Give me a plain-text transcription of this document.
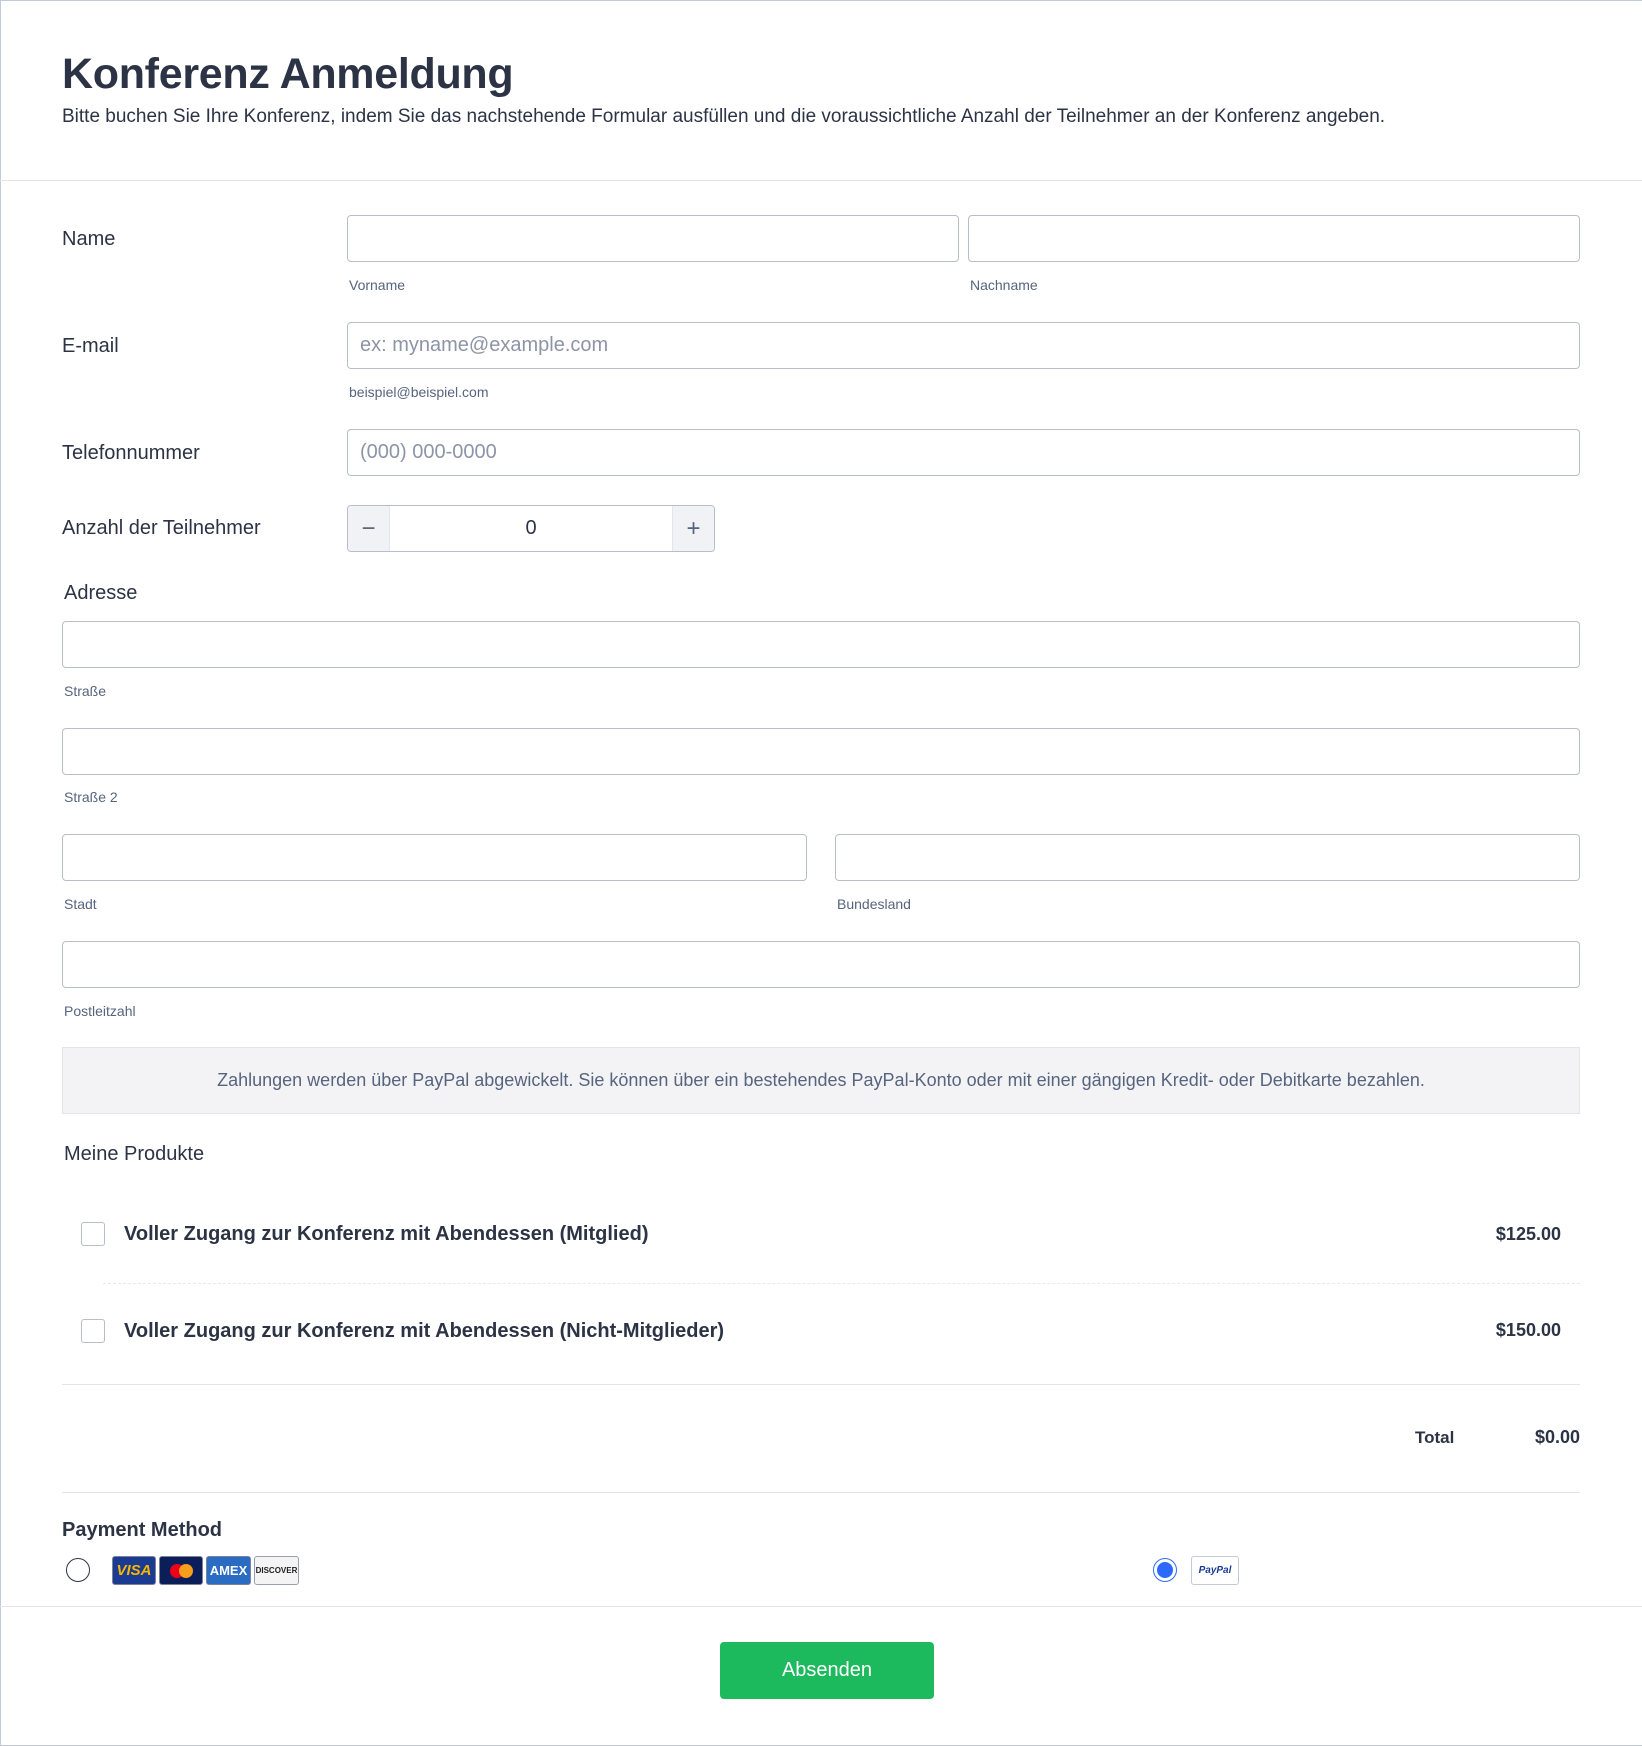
Konferenz Anmeldung
Bitte buchen Sie Ihre Konferenz, indem Sie das nachstehende Formular ausfüllen und die voraussichtliche Anzahl der Teilnehmer an der Konferenz angeben.
Name
Vorname	Nachname
E-mail	ex: myname@example.com
beispiel@beispiel.com
Telefonnummer	(000) 000-0000
Anzahl der Teilnehmer	−	0	+
Adresse
Straße
Straße 2
Stadt	Bundesland
Postleitzahl
Zahlungen werden über PayPal abgewickelt. Sie können über ein bestehendes PayPal-Konto oder mit einer gängigen Kredit- oder Debitkarte bezahlen.
Meine Produkte
Voller Zugang zur Konferenz mit Abendessen (Mitglied)	$125.00
Voller Zugang zur Konferenz mit Abendessen (Nicht-Mitglieder)	$150.00
Total	$0.00
Payment Method
VISA	AMEX DISCOVER	PayPal
Absenden
